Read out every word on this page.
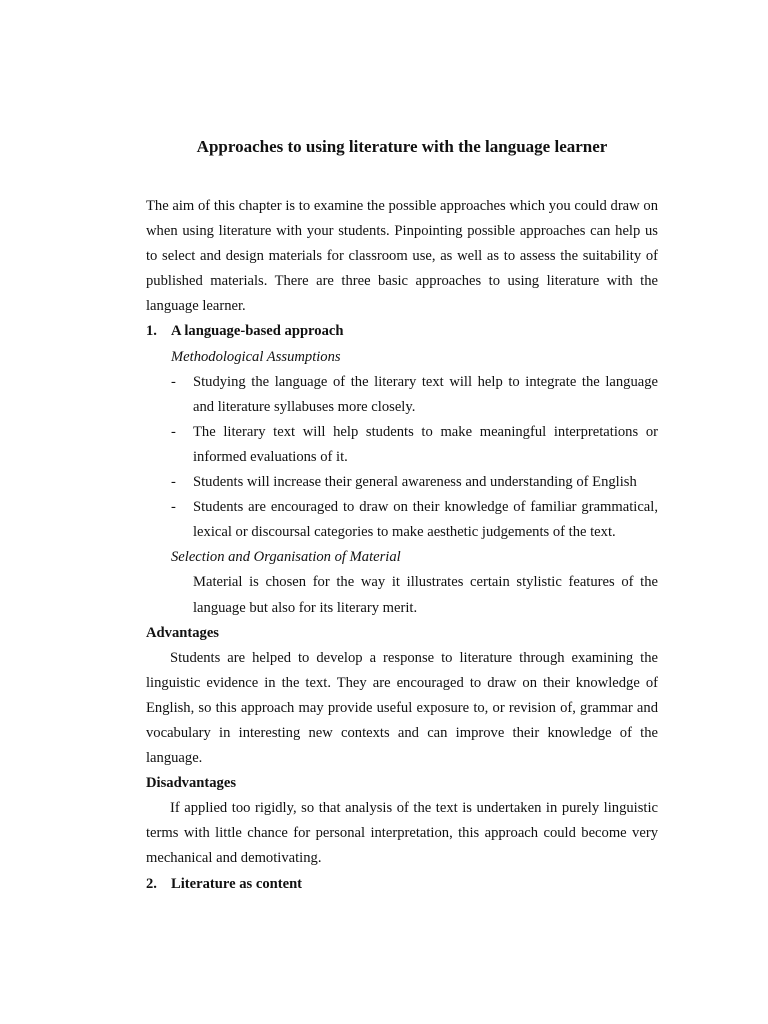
Approaches to using literature with the language learner

The aim of this chapter is to examine the possible approaches which you could draw on when using literature with your students. Pinpointing possible approaches can help us to select and design materials for classroom use, as well as to assess the suitability of published materials. There are three basic approaches to using literature with the language learner.

1. A language-based approach

Methodological Assumptions

-	Studying the language of the literary text will help to integrate the language and literature syllabuses more closely.
-	The literary text will help students to make meaningful interpretations or informed evaluations of it.
-	Students will increase their general awareness and understanding of English
-	Students are encouraged to draw on their knowledge of familiar grammatical, lexical or discoursal categories to make aesthetic judgements of the text.

Selection and Organisation of Material

Material is chosen for the way it illustrates certain stylistic features of the language but also for its literary merit.

Advantages

Students are helped to develop a response to literature through examining the linguistic evidence in the text. They are encouraged to draw on their knowledge of English, so this approach may provide useful exposure to, or revision of, grammar and vocabulary in interesting new contexts and can improve their knowledge of the language.

Disadvantages

If applied too rigidly, so that analysis of the text is undertaken in purely linguistic terms with little chance for personal interpretation, this approach could become very mechanical and demotivating.

2. Literature as content
